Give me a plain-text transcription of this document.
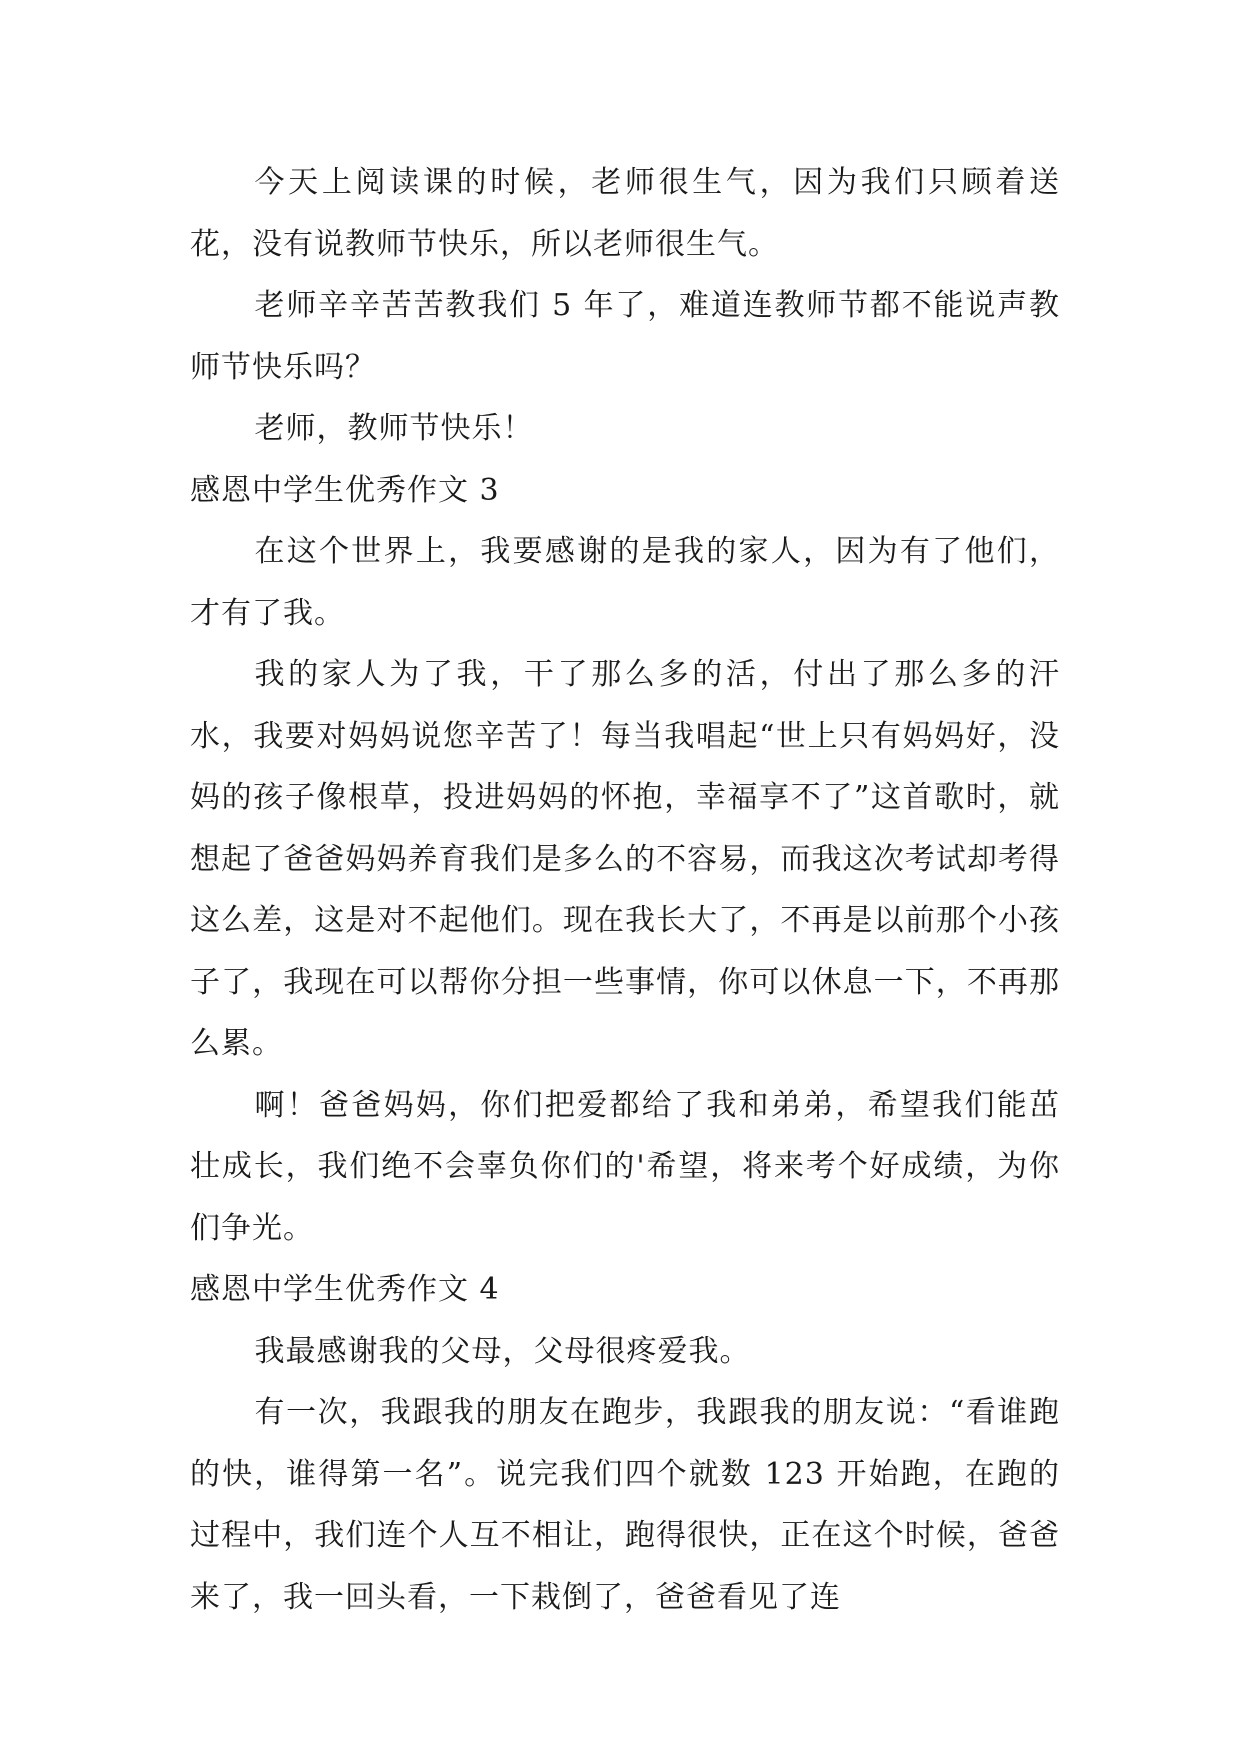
今天上阅读课的时候，老师很生气，因为我们只顾着送花，没有说教师节快乐，所以老师很生气。

老师辛辛苦苦教我们 5 年了，难道连教师节都不能说声教师节快乐吗？

老师，教师节快乐！

感恩中学生优秀作文 3

在这个世界上，我要感谢的是我的家人，因为有了他们，才有了我。

我的家人为了我，干了那么多的活，付出了那么多的汗水，我要对妈妈说您辛苦了！每当我唱起“世上只有妈妈好，没妈的孩子像根草，投进妈妈的怀抱，幸福享不了”这首歌时，就想起了爸爸妈妈养育我们是多么的不容易，而我这次考试却考得这么差，这是对不起他们。现在我长大了，不再是以前那个小孩子了，我现在可以帮你分担一些事情，你可以休息一下，不再那么累。

啊！爸爸妈妈，你们把爱都给了我和弟弟，希望我们能茁壮成长，我们绝不会辜负你们的'希望，将来考个好成绩，为你们争光。

感恩中学生优秀作文 4

我最感谢我的父母，父母很疼爱我。

有一次，我跟我的朋友在跑步，我跟我的朋友说：“看谁跑的快，谁得第一名”。说完我们四个就数 123 开始跑，在跑的过程中，我们连个人互不相让，跑得很快，正在这个时候，爸爸来了，我一回头看，一下栽倒了，爸爸看见了连
